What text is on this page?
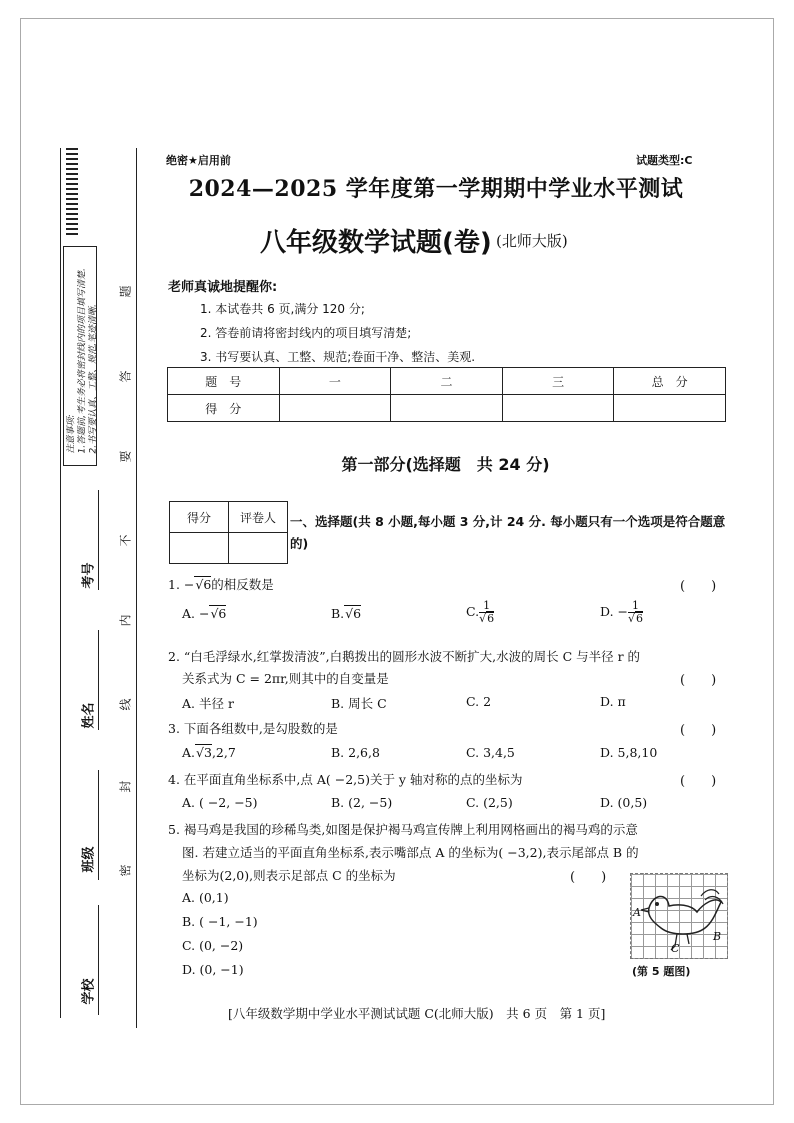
注意事项:
1.答题前,考生务必将密封线内的项目填写清楚.
2.书写要认真、工整、规范,笔迹清晰.
考号
姓名
班级
学校
题
答
要
不
内
线
封
密
绝密★启用前	试题类型:C
2024—2025 学年度第一学期期中学业水平测试
八年级数学试题(卷) (北师大版)
老师真诚地提醒你:
1. 本试卷共 6 页,满分 120 分;
2. 答卷前请将密封线内的项目填写清楚;
3. 书写要认真、工整、规范;卷面干净、整洁、美观.
题　号	一	二	三	总　分
得　分				
第一部分(选择题　共 24 分)
得分	评卷人
	一、选择题(共 8 小题,每小题 3 分,计 24 分. 每小题只有一个选项是符合题意的)
1. −√6的相反数是	(　　)
A. −√6	B.√6	C. $\frac{1}{√6}$	D. − $\frac{1}{√6}$
2. “白毛浮绿水,红掌拨清波”,白鹅拨出的圆形水波不断扩大,水波的周长 C 与半径 r 的
关系式为 C = 2πr,则其中的自变量是	(　　)
A. 半径 r	B. 周长 C	C. 2	D. π
3. 下面各组数中,是勾股数的是	(　　)
A.√3,2,7	B. 2,6,8	C. 3,4,5	D. 5,8,10
4. 在平面直角坐标系中,点 A( −2,5)关于 y 轴对称的点的坐标为	(　　)
A. ( −2, −5)	B. (2, −5)	C. (2,5)	D. (0,5)
5. 褐马鸡是我国的珍稀鸟类,如图是保护褐马鸡宣传牌上利用网格画出的褐马鸡的示意
图. 若建立适当的平面直角坐标系,表示嘴部点 A 的坐标为( −3,2),表示尾部点 B 的
坐标为(2,0),则表示足部点 C 的坐标为	(　　)
A. (0,1)
B. ( −1, −1)
C. (0, −2)
D. (0, −1)
A
B
C
(第 5 题图)
[八年级数学期中学业水平测试试题 C(北师大版)　共 6 页　第 1 页]
